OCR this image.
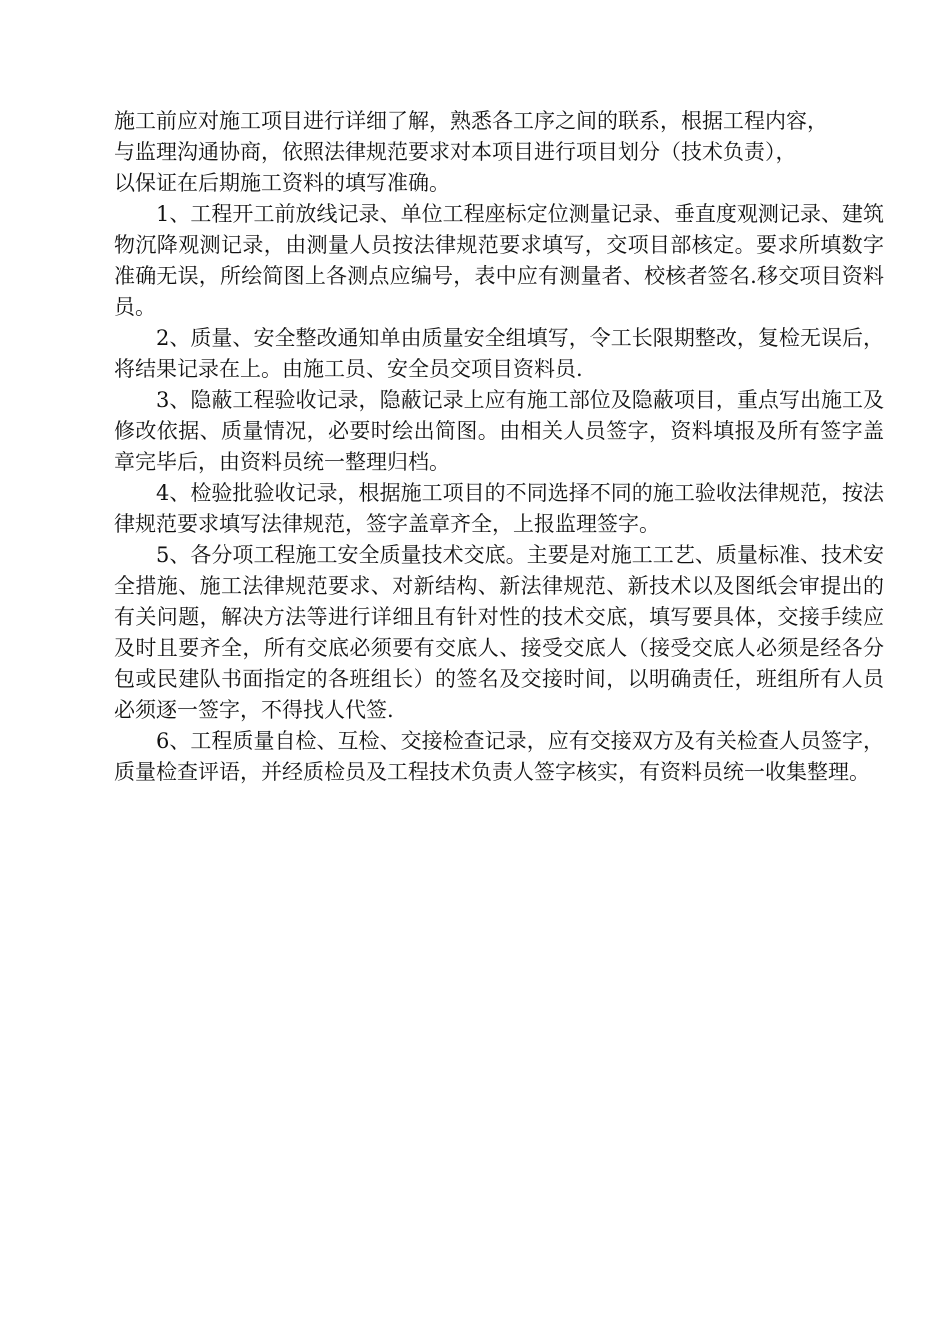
施工前应对施工项目进行详细了解，熟悉各工序之间的联系，根据工程内容，

与监理沟通协商，依照法律规范要求对本项目进行项目划分（技术负责），

以保证在后期施工资料的填写准确。

1、工程开工前放线记录、单位工程座标定位测量记录、垂直度观测记录、建筑物沉降观测记录，由测量人员按法律规范要求填写，交项目部核定。要求所填数字准确无误，所绘简图上各测点应编号，表中应有测量者、校核者签名.移交项目资料员。

2、质量、安全整改通知单由质量安全组填写，令工长限期整改，复检无误后，将结果记录在上。由施工员、安全员交项目资料员.

3、隐蔽工程验收记录，隐蔽记录上应有施工部位及隐蔽项目，重点写出施工及修改依据、质量情况，必要时绘出简图。由相关人员签字，资料填报及所有签字盖章完毕后，由资料员统一整理归档。

4、检验批验收记录，根据施工项目的不同选择不同的施工验收法律规范，按法律规范要求填写法律规范，签字盖章齐全，上报监理签字。

5、各分项工程施工安全质量技术交底。主要是对施工工艺、质量标准、技术安全措施、施工法律规范要求、对新结构、新法律规范、新技术以及图纸会审提出的有关问题，解决方法等进行详细且有针对性的技术交底，填写要具体，交接手续应及时且要齐全，所有交底必须要有交底人、接受交底人（接受交底人必须是经各分包或民建队书面指定的各班组长）的签名及交接时间，以明确责任，班组所有人员必须逐一签字，不得找人代签.

6、工程质量自检、互检、交接检查记录，应有交接双方及有关检查人员签字，质量检查评语，并经质检员及工程技术负责人签字核实，有资料员统一收集整理。
